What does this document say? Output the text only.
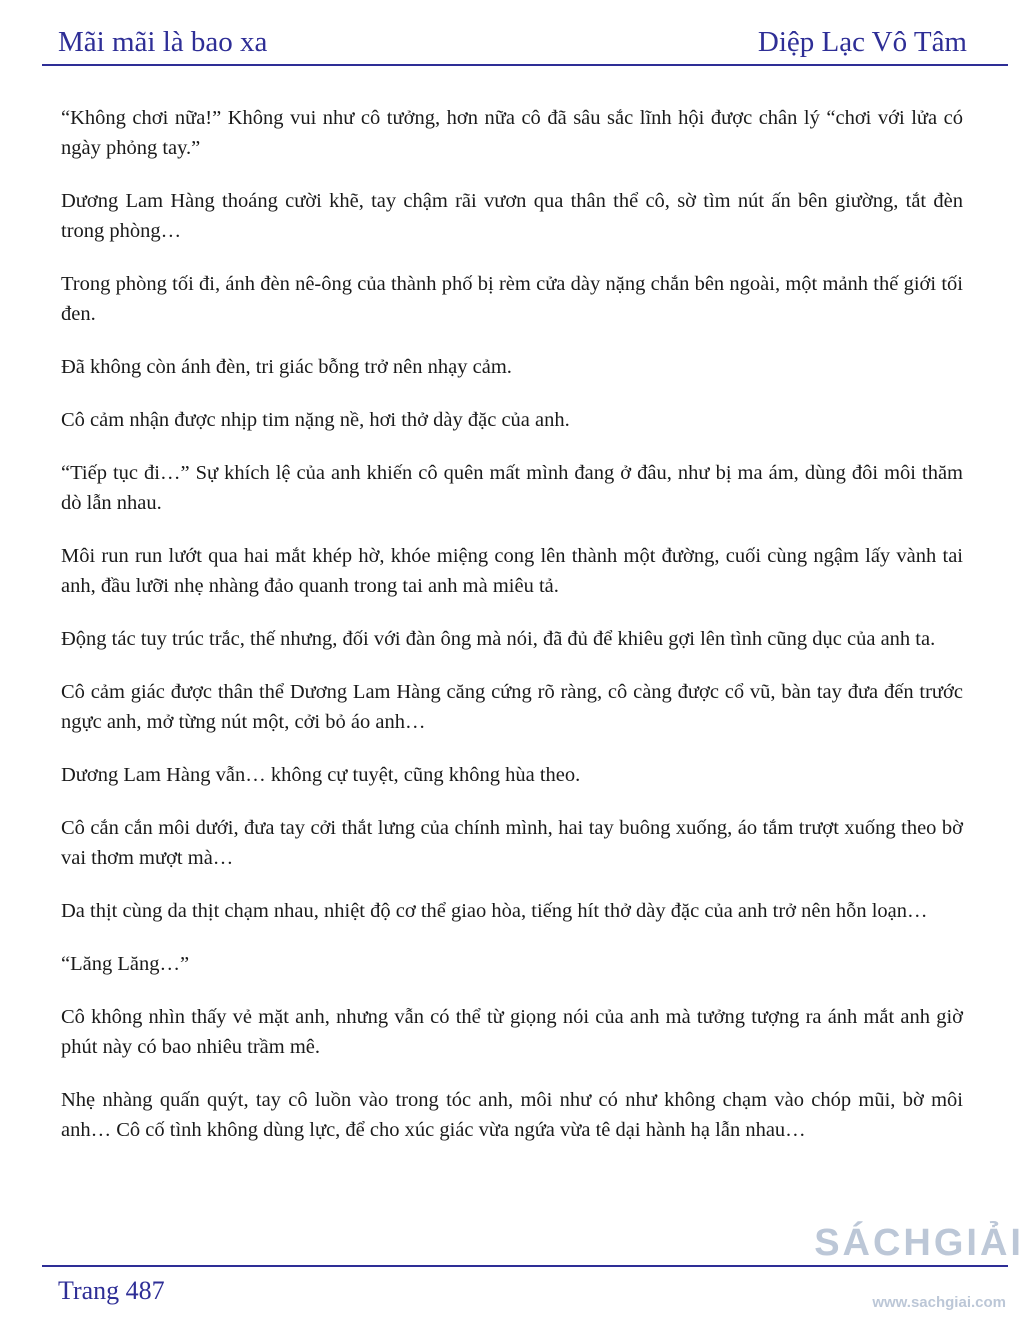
Mãi mãi là bao xa	Diệp Lạc Vô Tâm

“Không chơi nữa!” Không vui như cô tưởng, hơn nữa cô đã sâu sắc lĩnh hội được chân lý “chơi với lửa có ngày phỏng tay.”

Dương Lam Hàng thoáng cười khẽ, tay chậm rãi vươn qua thân thể cô, sờ tìm nút ấn bên giường, tắt đèn trong phòng…

Trong phòng tối đi, ánh đèn nê-ông của thành phố bị rèm cửa dày nặng chắn bên ngoài, một mảnh thế giới tối đen.

Đã không còn ánh đèn, tri giác bỗng trở nên nhạy cảm.

Cô cảm nhận được nhịp tim nặng nề, hơi thở dày đặc của anh.

“Tiếp tục đi…” Sự khích lệ của anh khiến cô quên mất mình đang ở đâu, như bị ma ám, dùng đôi môi thăm dò lẫn nhau.

Môi run run lướt qua hai mắt khép hờ, khóe miệng cong lên thành một đường, cuối cùng ngậm lấy vành tai anh, đầu lưỡi nhẹ nhàng đảo quanh trong tai anh mà miêu tả.

Động tác tuy trúc trắc, thế nhưng, đối với đàn ông mà nói, đã đủ để khiêu gợi lên tình cũng dục của anh ta.

Cô cảm giác được thân thể Dương Lam Hàng căng cứng rõ ràng, cô càng được cổ vũ, bàn tay đưa đến trước ngực anh, mở từng nút một, cởi bỏ áo anh…

Dương Lam Hàng vẫn… không cự tuyệt, cũng không hùa theo.

Cô cắn cắn môi dưới, đưa tay cởi thắt lưng của chính mình, hai tay buông xuống, áo tắm trượt xuống theo bờ vai thơm mượt mà…

Da thịt cùng da thịt chạm nhau, nhiệt độ cơ thể giao hòa, tiếng hít thở dày đặc của anh trở nên hỗn loạn…

“Lăng Lăng…”

Cô không nhìn thấy vẻ mặt anh, nhưng vẫn có thể từ giọng nói của anh mà tưởng tượng ra ánh mắt anh giờ phút này có bao nhiêu trầm mê.

Nhẹ nhàng quấn quýt, tay cô luồn vào trong tóc anh, môi như có như không chạm vào chóp mũi, bờ môi anh… Cô cố tình không dùng lực, để cho xúc giác vừa ngứa vừa tê dại hành hạ lẫn nhau…

Trang 487
SÁCHGIẢI
www.sachgiai.com
